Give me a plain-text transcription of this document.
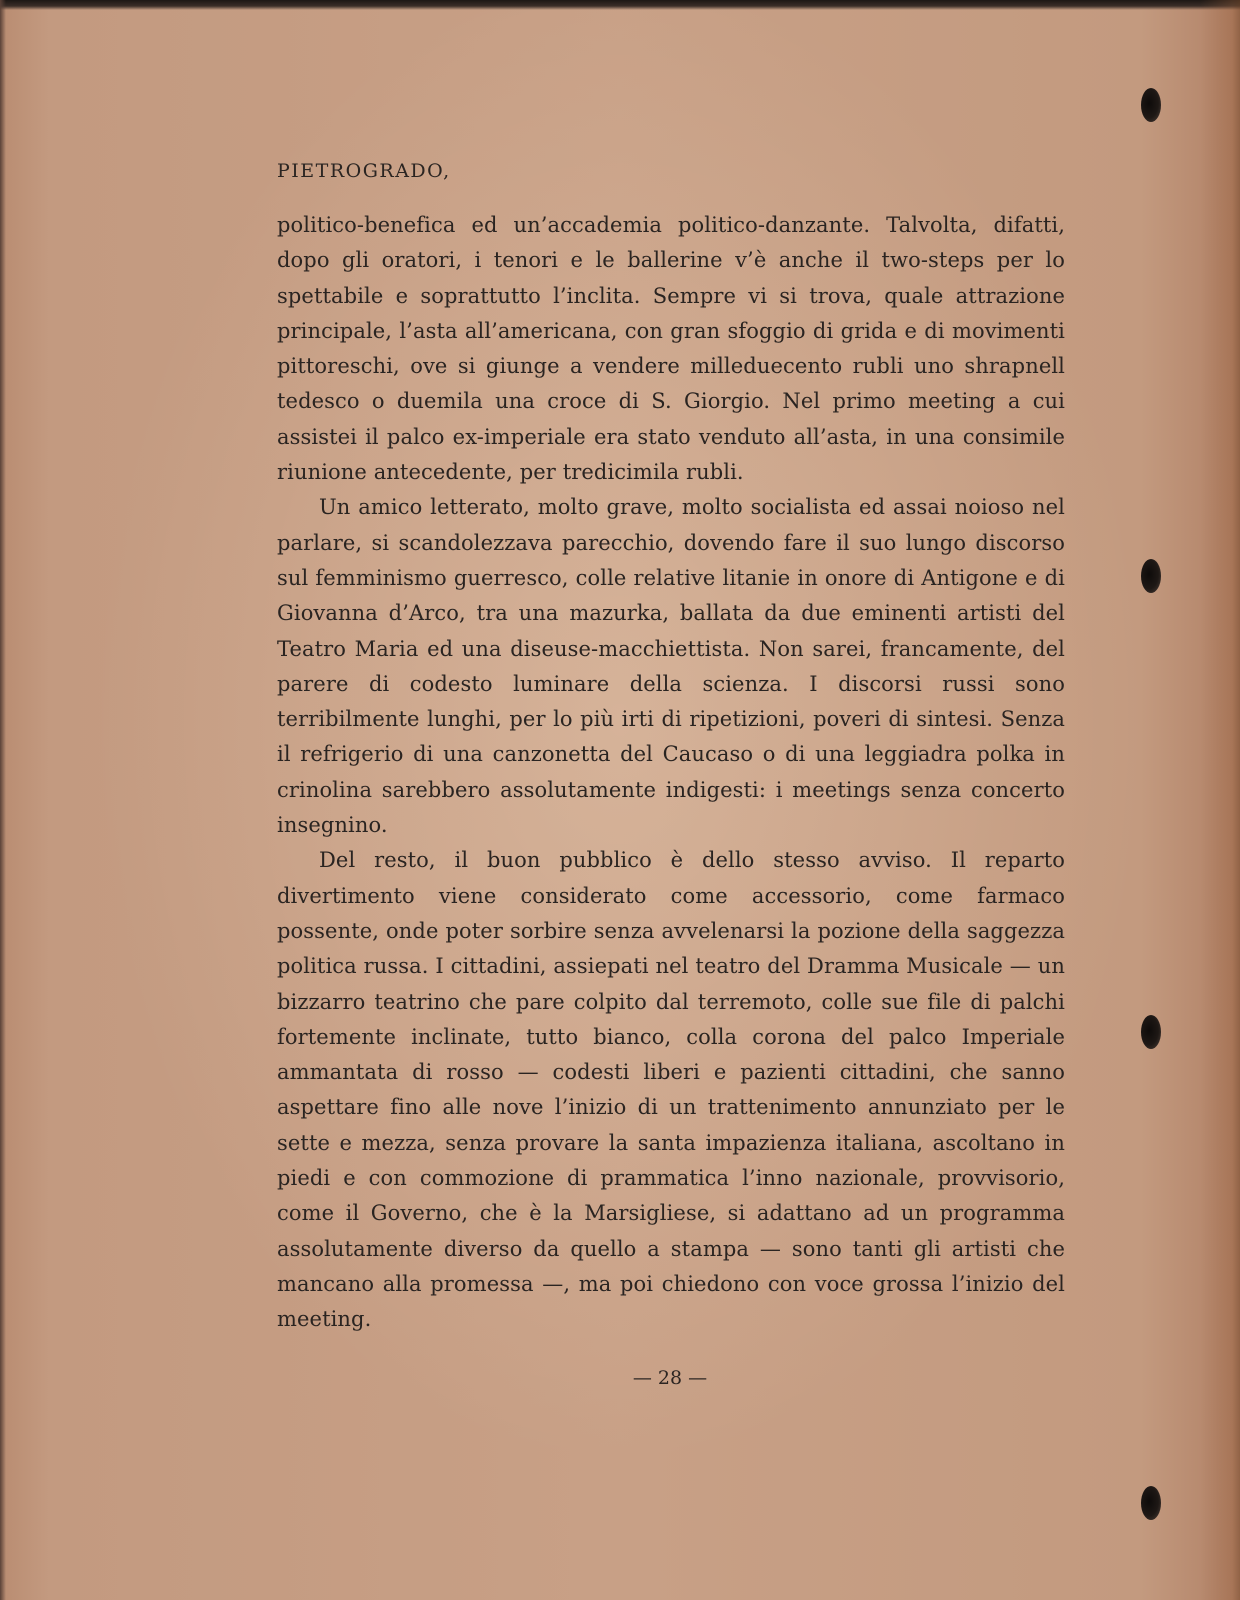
PIETROGRADO,

politico-benefica ed un’accademia politico-danzante. Talvolta, difatti, dopo gli oratori, i tenori e le ballerine v’è anche il two-steps per lo spettabile e soprattutto l’inclita. Sempre vi si trova, quale attrazione principale, l’asta all’americana, con gran sfoggio di grida e di movimenti pittoreschi, ove si giunge a vendere milleduecento rubli uno shrapnell tedesco o duemila una croce di S. Giorgio. Nel primo meeting a cui assistei il palco ex-imperiale era stato venduto all’asta, in una consimile riunione antecedente, per tredicimila rubli.

Un amico letterato, molto grave, molto socialista ed assai noioso nel parlare, si scandolezzava parecchio, dovendo fare il suo lungo discorso sul femminismo guerresco, colle relative litanie in onore di Antigone e di Giovanna d’Arco, tra una mazurka, ballata da due eminenti artisti del Teatro Maria ed una diseuse-macchiettista. Non sarei, francamente, del parere di codesto luminare della scienza. I discorsi russi sono terribilmente lunghi, per lo più irti di ripetizioni, poveri di sintesi. Senza il refrigerio di una canzonetta del Caucaso o di una leggiadra polka in crinolina sarebbero assolutamente indigesti: i meetings senza concerto insegnino.

Del resto, il buon pubblico è dello stesso avviso. Il reparto divertimento viene considerato come accessorio, come farmaco possente, onde poter sorbire senza avvelenarsi la pozione della saggezza politica russa. I cittadini, assiepati nel teatro del Dramma Musicale — un bizzarro teatrino che pare colpito dal terremoto, colle sue file di palchi fortemente inclinate, tutto bianco, colla corona del palco Imperiale ammantata di rosso — codesti liberi e pazienti cittadini, che sanno aspettare fino alle nove l’inizio di un trattenimento annunziato per le sette e mezza, senza provare la santa impazienza italiana, ascoltano in piedi e con commozione di prammatica l’inno nazionale, provvisorio, come il Governo, che è la Marsigliese, si adattano ad un programma assolutamente diverso da quello a stampa — sono tanti gli artisti che mancano alla promessa —, ma poi chiedono con voce grossa l’inizio del meeting.

— 28 —
